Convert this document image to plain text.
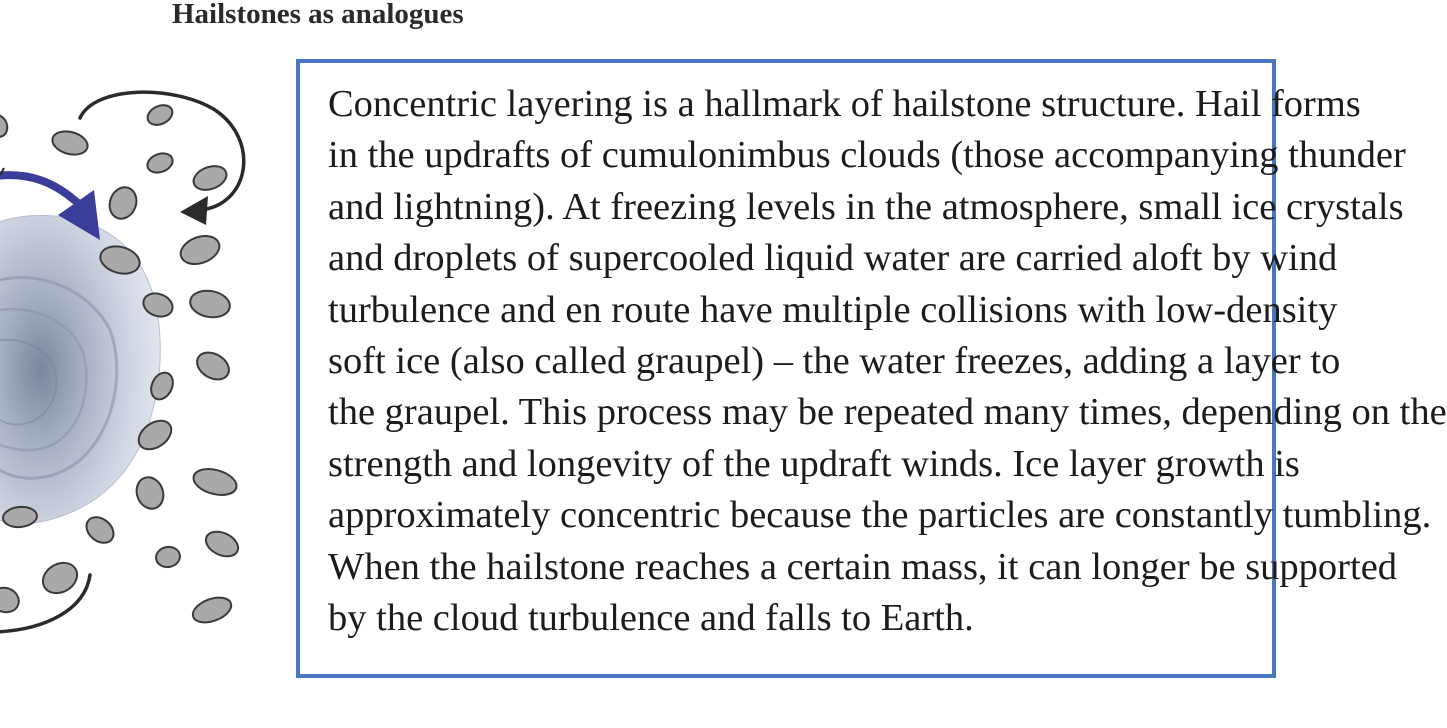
Hailstones as analogues
Concentric layering is a hallmark of hailstone structure. Hail forms
in the updrafts of cumulonimbus clouds (those accompanying thunder
and lightning). At freezing levels in the atmosphere, small ice crystals
and droplets of supercooled liquid water are carried aloft by wind
turbulence and en route have multiple collisions with low-density
soft ice (also called graupel) – the water freezes, adding a layer to
the graupel. This process may be repeated many times, depending on the
strength and longevity of the updraft winds. Ice layer growth is
approximately concentric because the particles are constantly tumbling.
When the hailstone reaches a certain mass, it can longer be supported
by the cloud turbulence and falls to Earth.
